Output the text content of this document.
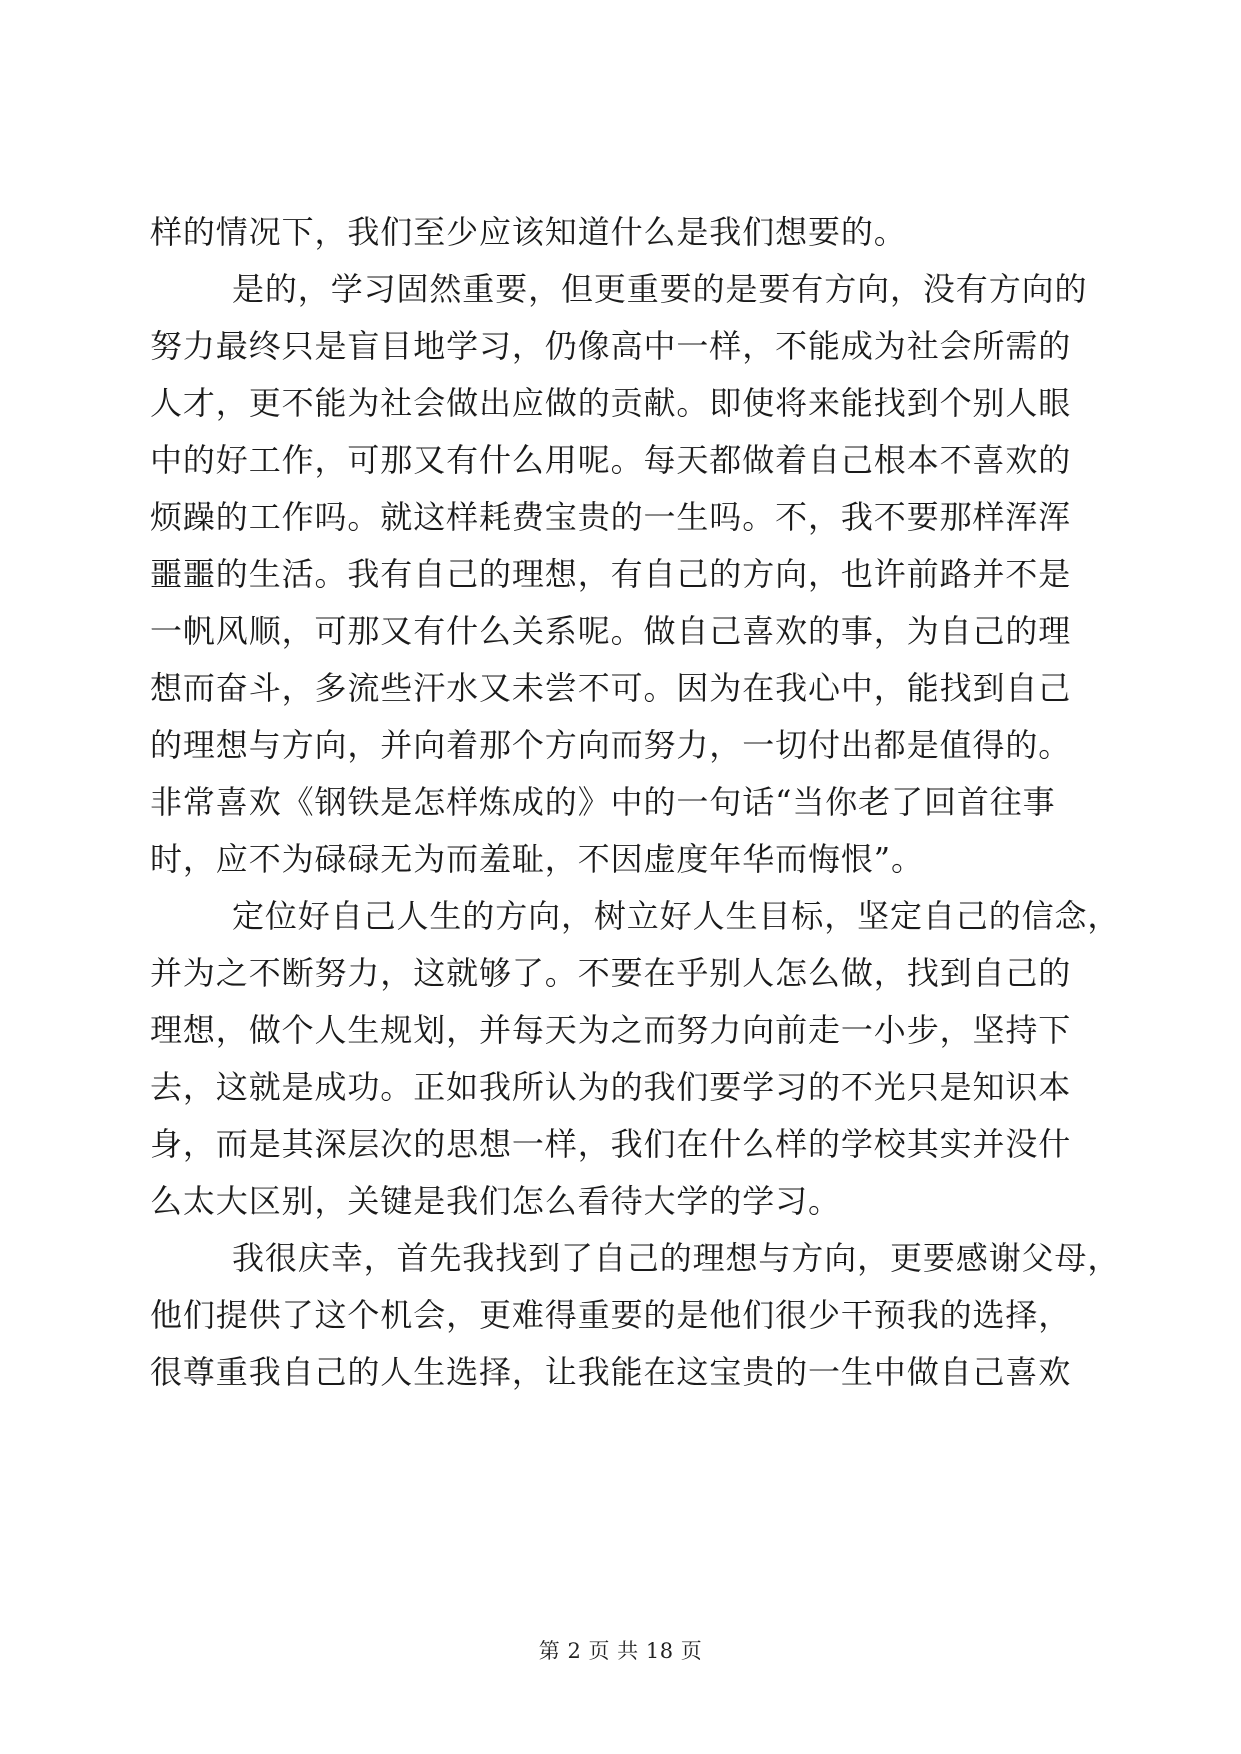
样的情况下，我们至少应该知道什么是我们想要的。
是的，学习固然重要，但更重要的是要有方向，没有方向的
努力最终只是盲目地学习，仍像高中一样，不能成为社会所需的
人才，更不能为社会做出应做的贡献。即使将来能找到个别人眼
中的好工作，可那又有什么用呢。每天都做着自己根本不喜欢的
烦躁的工作吗。就这样耗费宝贵的一生吗。不，我不要那样浑浑
噩噩的生活。我有自己的理想，有自己的方向，也许前路并不是
一帆风顺，可那又有什么关系呢。做自己喜欢的事，为自己的理
想而奋斗，多流些汗水又未尝不可。因为在我心中，能找到自己
的理想与方向，并向着那个方向而努力，一切付出都是值得的。
非常喜欢《钢铁是怎样炼成的》中的一句话“当你老了回首往事
时，应不为碌碌无为而羞耻，不因虚度年华而悔恨”。
定位好自己人生的方向，树立好人生目标，坚定自己的信念，
并为之不断努力，这就够了。不要在乎别人怎么做，找到自己的
理想，做个人生规划，并每天为之而努力向前走一小步，坚持下
去，这就是成功。正如我所认为的我们要学习的不光只是知识本
身，而是其深层次的思想一样，我们在什么样的学校其实并没什
么太大区别，关键是我们怎么看待大学的学习。
我很庆幸，首先我找到了自己的理想与方向，更要感谢父母，
他们提供了这个机会，更难得重要的是他们很少干预我的选择，
很尊重我自己的人生选择，让我能在这宝贵的一生中做自己喜欢
第 2 页 共 18 页
